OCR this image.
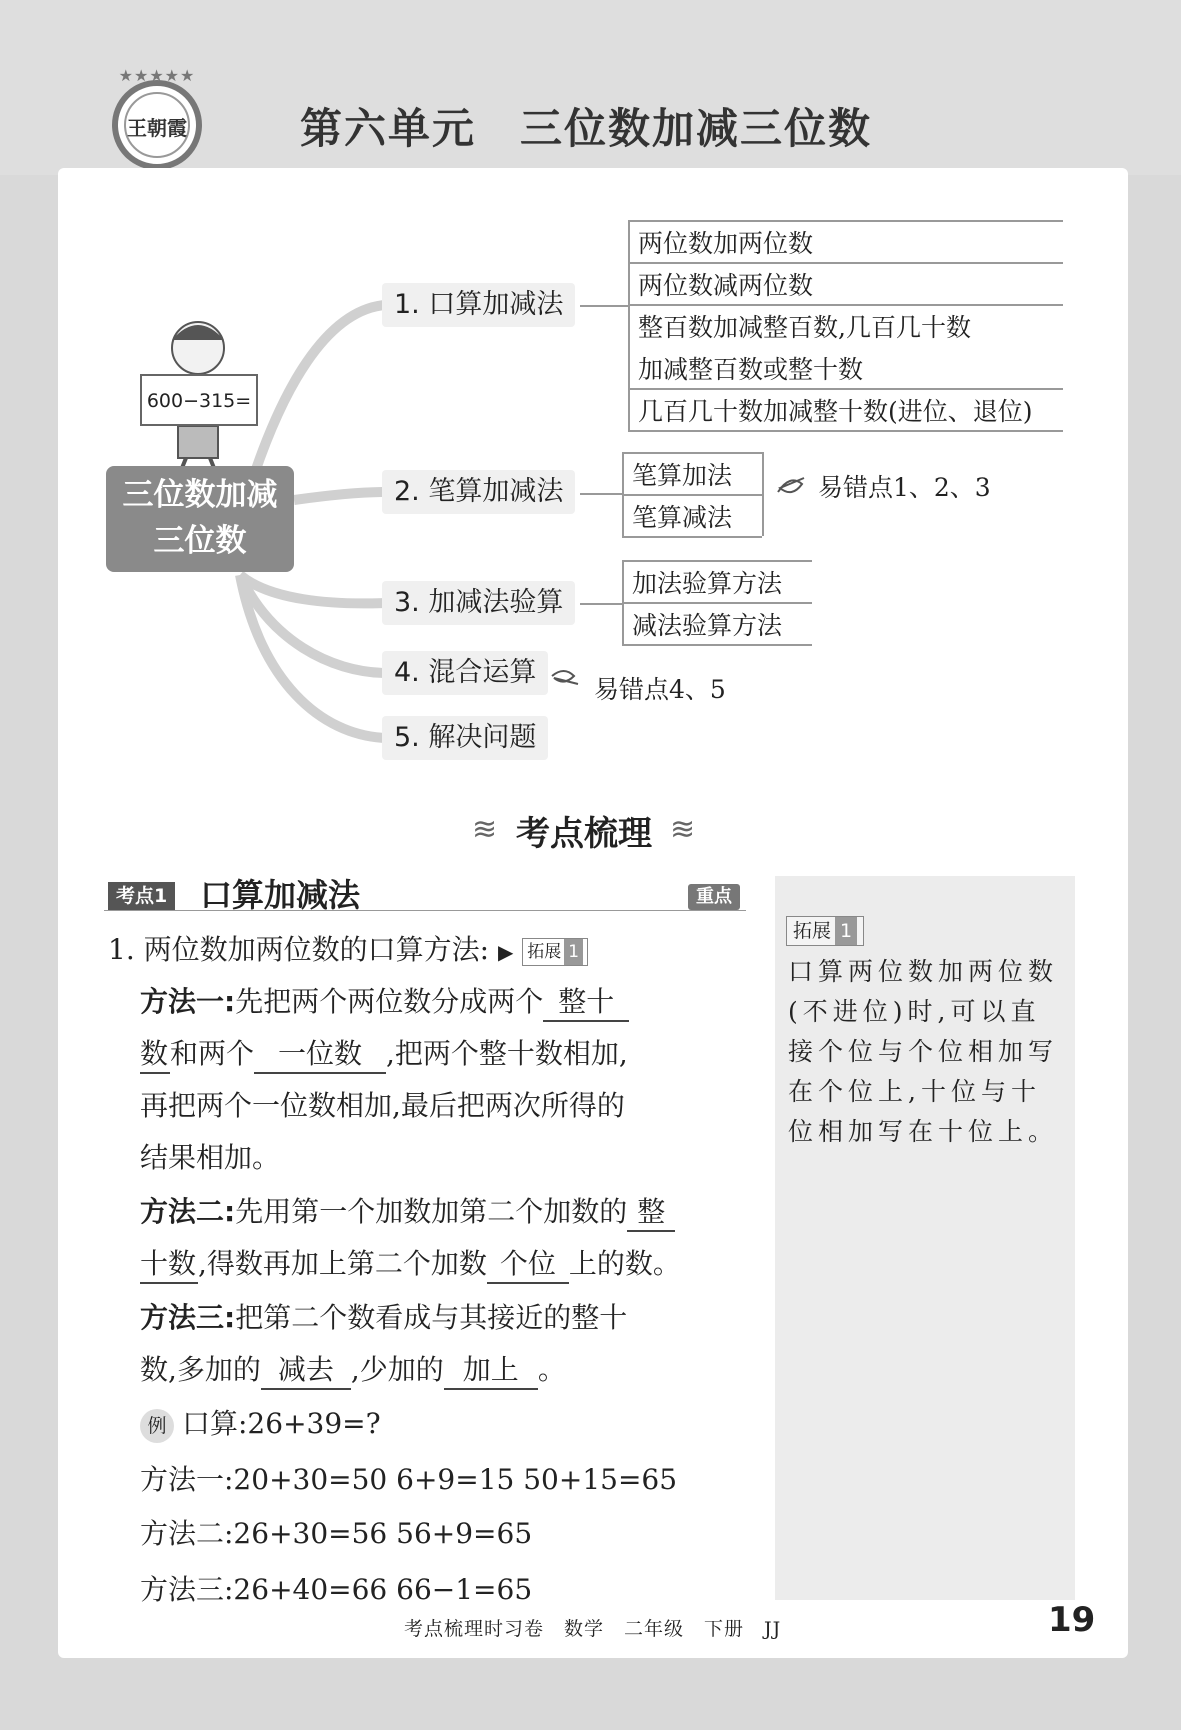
★★★★★
王朝霞	第六单元　三位数加减三位数
600−315=
三位数加减
三位数
1. 口算加减法
2. 笔算加减法
3. 加减法验算
4. 混合运算
5. 解决问题
两位数加两位数
两位数减两位数
整百数加减整百数,几百几十数
加减整百数或整十数
几百几十数加减整十数(进位、退位)
笔算加法
笔算减法
易错点1、2、3
加法验算方法
减法验算方法
易错点4、5
≋ 考点梳理 ≋
考点1 口算加减法	重点
拓展 1
口算两位数加两位数(不进位)时,可以直接个位与个位相加写在个位上,十位与十位相加写在十位上。
1. 两位数加两位数的口算方法: ▶ 拓展 1
方法一:先把两个两位数分成两个 整十
数和两个 一位数 ,把两个整十数相加,
再把两个一位数相加,最后把两次所得的
结果相加。
方法二:先用第一个加数加第二个加数的 整
十数,得数再加上第二个加数 个位 上的数。
方法三:把第二个数看成与其接近的整十
数,多加的 减去 ,少加的 加上 。
例 口算:26+39=?
方法一:20+30=50 6+9=15 50+15=65
方法二:26+30=56 56+9=65
方法三:26+40=66 66−1=65
考点梳理时习卷　数学　二年级　下册　JJ	19
